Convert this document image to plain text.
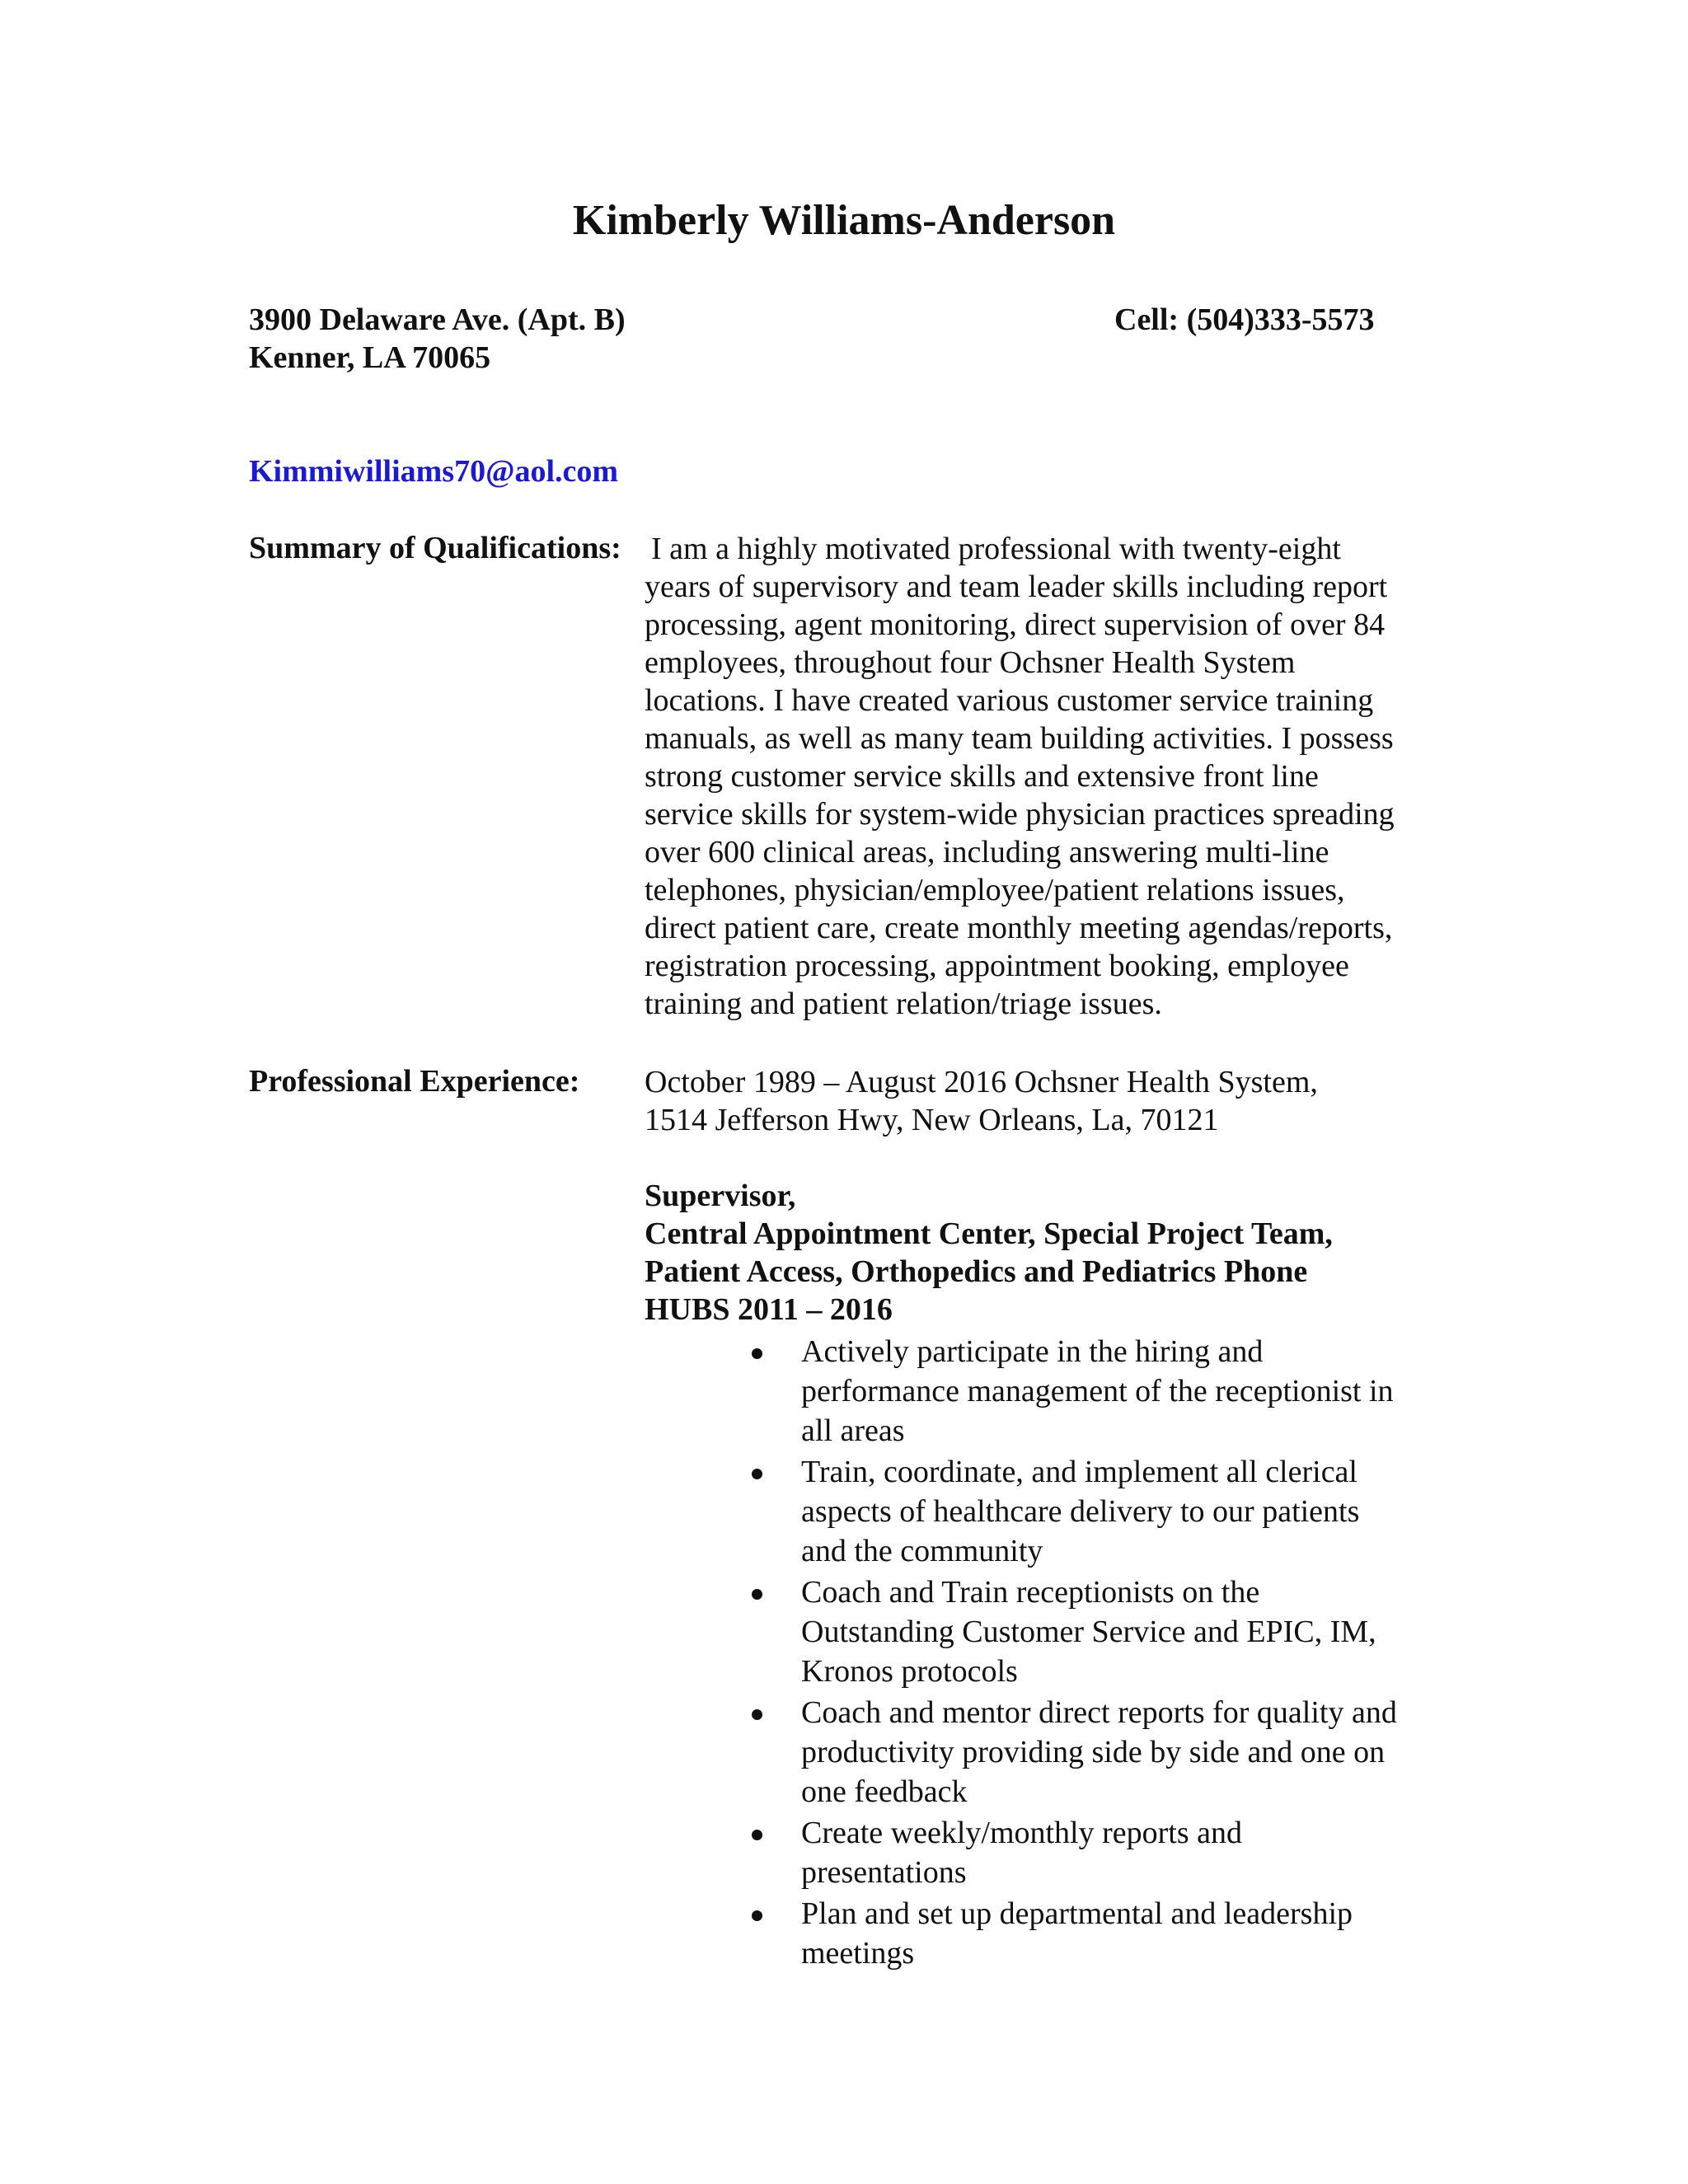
Kimberly Williams-Anderson
3900 Delaware Ave. (Apt. B)
Kenner, LA 70065
Cell: (504)333-5573
Kimmiwilliams70@aol.com
Summary of Qualifications: I am a highly motivated professional with twenty-eight
years of supervisory and team leader skills including report
processing, agent monitoring, direct supervision of over 84
employees, throughout four Ochsner Health System
locations. I have created various customer service training
manuals, as well as many team building activities. I possess
strong customer service skills and extensive front line
service skills for system-wide physician practices spreading
over 600 clinical areas, including answering multi-line
telephones, physician/employee/patient relations issues,
direct patient care, create monthly meeting agendas/reports,
registration processing, appointment booking, employee
training and patient relation/triage issues.
Professional Experience: October 1989 – August 2016 Ochsner Health System,
1514 Jefferson Hwy, New Orleans, La, 70121
Supervisor,
Central Appointment Center, Special Project Team,
Patient Access, Orthopedics and Pediatrics Phone
HUBS 2011 – 2016
Actively participate in the hiring and
performance management of the receptionist in
all areas
Train, coordinate, and implement all clerical
aspects of healthcare delivery to our patients
and the community
Coach and Train receptionists on the
Outstanding Customer Service and EPIC, IM,
Kronos protocols
Coach and mentor direct reports for quality and
productivity providing side by side and one on
one feedback
Create weekly/monthly reports and
presentations
Plan and set up departmental and leadership
meetings
